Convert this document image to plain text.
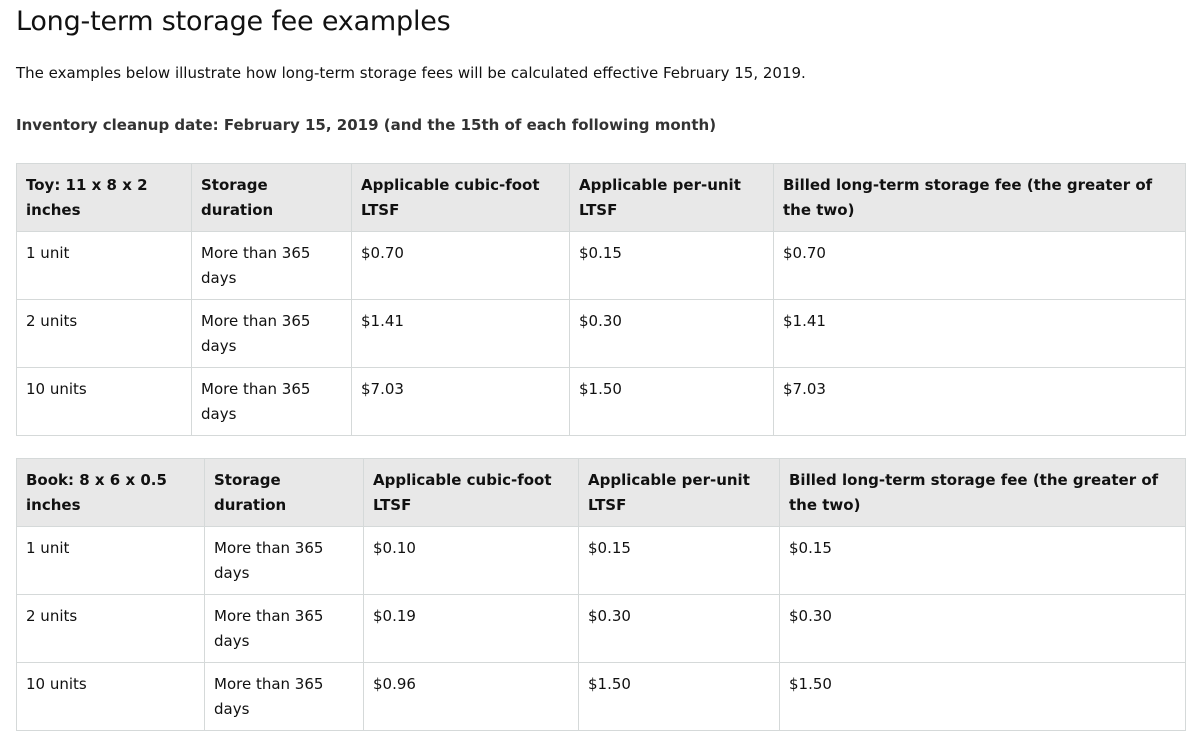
Long-term storage fee examples

The examples below illustrate how long-term storage fees will be calculated effective February 15, 2019.

Inventory cleanup date: February 15, 2019 (and the 15th of each following month)

Toy: 11 x 8 x 2 inches	Storage duration	Applicable cubic-foot LTSF	Applicable per-unit LTSF	Billed long-term storage fee (the greater of the two)
1 unit	More than 365 days	$0.70	$0.15	$0.70
2 units	More than 365 days	$1.41	$0.30	$1.41
10 units	More than 365 days	$7.03	$1.50	$7.03
Book: 8 x 6 x 0.5 inches	Storage duration	Applicable cubic-foot LTSF	Applicable per-unit LTSF	Billed long-term storage fee (the greater of the two)
1 unit	More than 365 days	$0.10	$0.15	$0.15
2 units	More than 365 days	$0.19	$0.30	$0.30
10 units	More than 365 days	$0.96	$1.50	$1.50
